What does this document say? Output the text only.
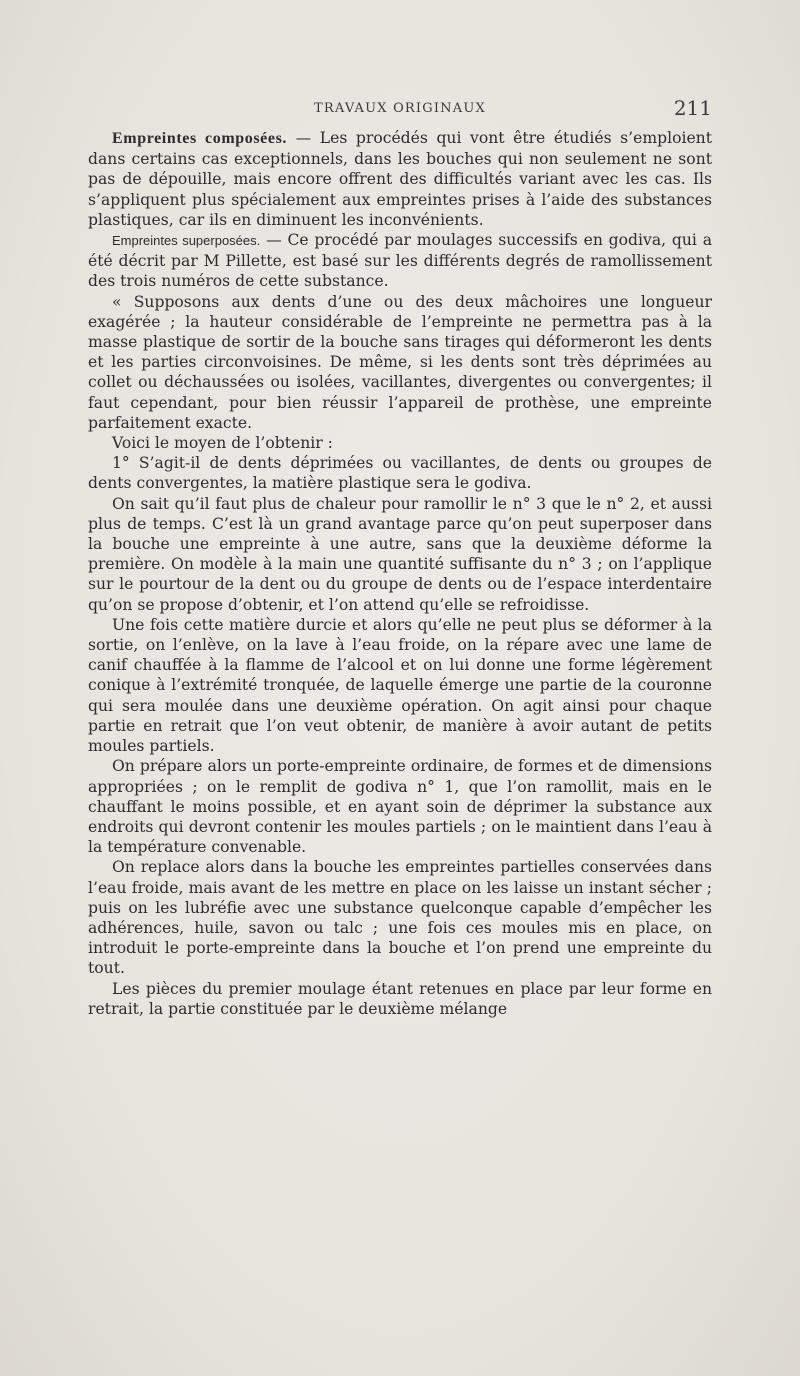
TRAVAUX ORIGINAUX	211

Empreintes composées. — Les procédés qui vont être étudiés s’emploient dans certains cas exceptionnels, dans les bouches qui non seulement ne sont pas de dépouille, mais encore offrent des difficultés variant avec les cas. Ils s’appliquent plus spécialement aux empreintes prises à l’aide des substances plastiques, car ils en diminuent les inconvénients.

Empreintes superposées. — Ce procédé par moulages successifs en godiva, qui a été décrit par M Pillette, est basé sur les différents degrés de ramollissement des trois numéros de cette substance.

« Supposons aux dents d’une ou des deux mâchoires une longueur exagérée ; la hauteur considérable de l’empreinte ne permettra pas à la masse plastique de sortir de la bouche sans tirages qui déformeront les dents et les parties circonvoisines. De même, si les dents sont très déprimées au collet ou déchaussées ou isolées, vacillantes, divergentes ou convergentes; il faut cependant, pour bien réussir l’appareil de prothèse, une empreinte parfaitement exacte.

Voici le moyen de l’obtenir :

1° S’agit-il de dents déprimées ou vacillantes, de dents ou groupes de dents convergentes, la matière plastique sera le godiva.

On sait qu’il faut plus de chaleur pour ramollir le n° 3 que le n° 2, et aussi plus de temps. C’est là un grand avantage parce qu’on peut superposer dans la bouche une empreinte à une autre, sans que la deuxième déforme la première. On modèle à la main une quantité suffisante du n° 3 ; on l’applique sur le pourtour de la dent ou du groupe de dents ou de l’espace interdentaire qu’on se propose d’obtenir, et l’on attend qu’elle se refroidisse.

Une fois cette matière durcie et alors qu’elle ne peut plus se déformer à la sortie, on l’enlève, on la lave à l’eau froide, on la répare avec une lame de canif chauffée à la flamme de l’alcool et on lui donne une forme légèrement conique à l’extrémité tronquée, de laquelle émerge une partie de la couronne qui sera moulée dans une deuxième opération. On agit ainsi pour chaque partie en retrait que l’on veut obtenir, de manière à avoir autant de petits moules partiels.

On prépare alors un porte-empreinte ordinaire, de formes et de dimensions appropriées ; on le remplit de godiva n° 1, que l’on ramollit, mais en le chauffant le moins possible, et en ayant soin de déprimer la substance aux endroits qui devront contenir les moules partiels ; on le maintient dans l’eau à la température convenable.

On replace alors dans la bouche les empreintes partielles conservées dans l’eau froide, mais avant de les mettre en place on les laisse un instant sécher ; puis on les lubréfie avec une substance quelconque capable d’empêcher les adhérences, huile, savon ou talc ; une fois ces moules mis en place, on introduit le porte-empreinte dans la bouche et l’on prend une empreinte du tout.

Les pièces du premier moulage étant retenues en place par leur forme en retrait, la partie constituée par le deuxième mélange
